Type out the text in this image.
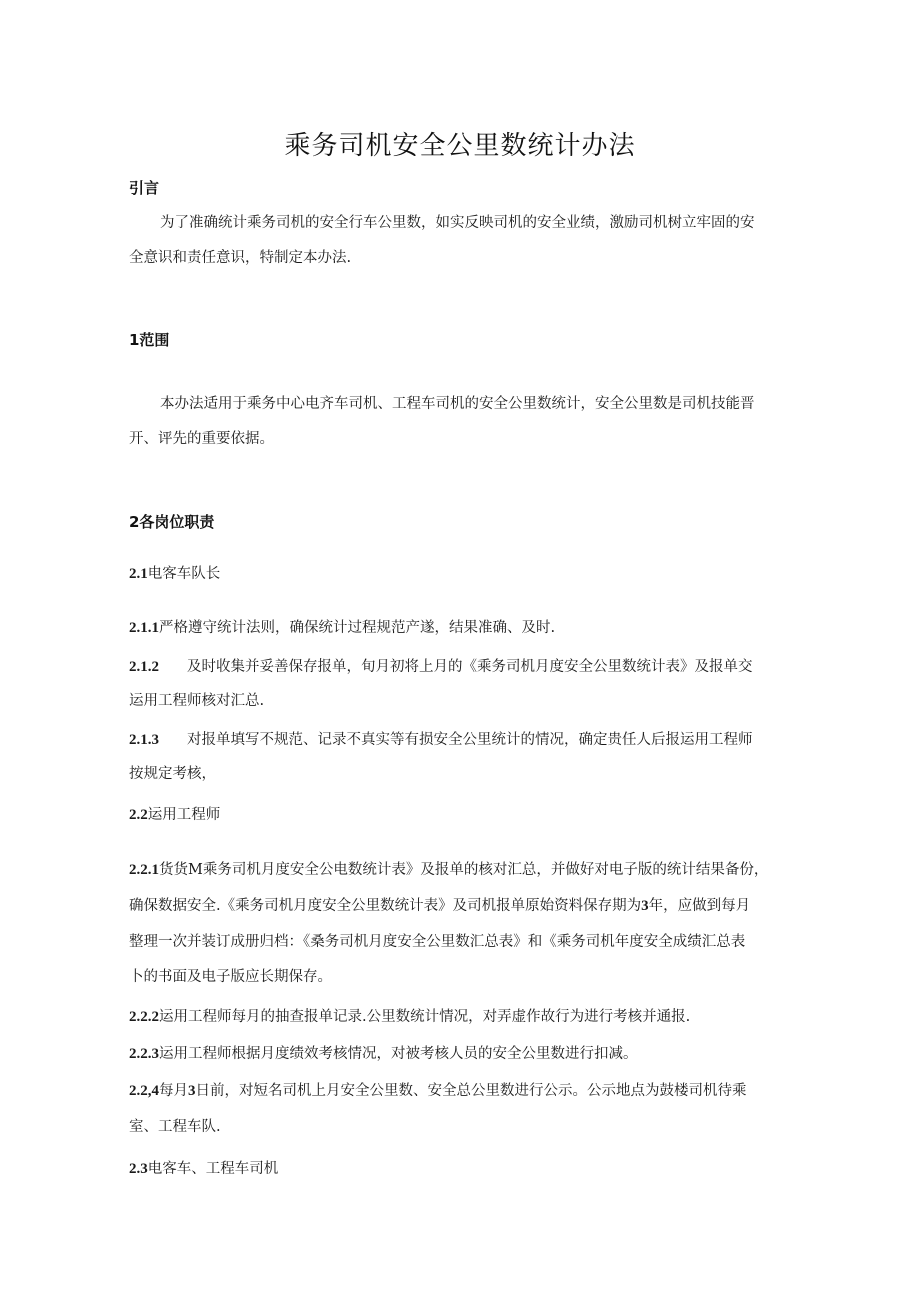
乘务司机安全公里数统计办法
引言
为了准确统计乘务司机的安全行车公里数，如实反映司机的安全业绩，激励司机树立牢固的安
全意识和责任意识，特制定本办法.
1范围
本办法适用于乘务中心电齐车司机、工程车司机的安全公里数统计，安全公里数是司机技能晋
开、评先的重要依据。
2各岗位职责
2.1电客车队长
2.1.1严格遵守统计法则，确保统计过程规范产遂，结果准确、及时.
2.1.2 及时收集并妥善保存报单，旬月初将上月的《乘务司机月度安全公里数统计表》及报单交
运用工程师核对汇总.
2.1.3 对报单填写不规范、记录不真实等有损安全公里统计的情况，确定贵任人后报运用工程师
按规定考核，
2.2运用工程师
2.2.1货货M乘务司机月度安全公电数统计表》及报单的核对汇总，并做好对电子版的统计结果备份，
确保数据安全.《乘务司机月度安全公里数统计表》及司机报单原始资料保存期为3年，应做到每月
整理一次并装订成册归档：《桑务司机月度安全公里数汇总表》和《乘务司机年度安全成绩汇总表
卜的书面及电子版应长期保存。
2.2.2运用工程师每月的抽查报单记录.公里数统计情况，对弄虚作故行为进行考核并通报.
2.2.3运用工程师根据月度绩效考核情况，对被考核人员的安全公里数进行扣减。
2.2,4每月3日前，对短名司机上月安全公里数、安全总公里数进行公示。公示地点为鼓楼司机待乘
室、工程车队.
2.3电客车、工程车司机
